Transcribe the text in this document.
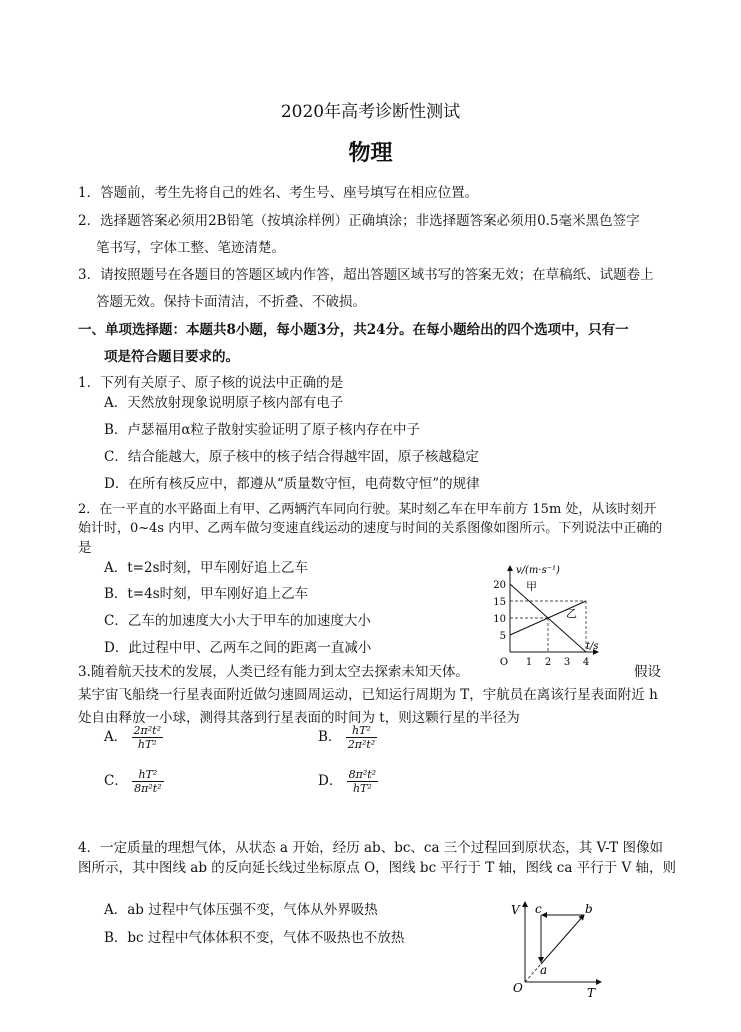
2020年高考诊断性测试
物理
1．答题前，考生先将自己的姓名、考生号、座号填写在相应位置。
2．选择题答案必须用2B铅笔（按填涂样例）正确填涂；非选择题答案必须用0.5毫米黑色签字
笔书写，字体工整、笔迹清楚。
3．请按照题号在各题目的答题区域内作答，超出答题区域书写的答案无效；在草稿纸、试题卷上
答题无效。保持卡面清洁，不折叠、不破损。
一、单项选择题：本题共8小题，每小题3分，共24分。在每小题给出的四个选项中，只有一
项是符合题目要求的。
1．下列有关原子、原子核的说法中正确的是
A．天然放射现象说明原子核内部有电子
B．卢瑟福用α粒子散射实验证明了原子核内存在中子
C．结合能越大，原子核中的核子结合得越牢固，原子核越稳定
D．在所有核反应中，都遵从“质量数守恒，电荷数守恒”的规律
2．在一平直的水平路面上有甲、乙两辆汽车同向行驶。某时刻乙车在甲车前方 15m 处，从该时刻开
始计时，0~4s 内甲、乙两车做匀变速直线运动的速度与时间的关系图像如图所示。下列说法中正确的
是
A．t=2s时刻，甲车刚好追上乙车
B．t=4s时刻，甲车刚好追上乙车
C．乙车的加速度大小大于甲车的加速度大小
D．此过程中甲、乙两车之间的距离一直减小
5
10
15
20
O 1 2 3 4
v/(m·s⁻¹)
t/s
甲
乙
3.随着航天技术的发展，人类已经有能力到太空去探索未知天体。	假设
某宇宙飞船绕一行星表面附近做匀速圆周运动，已知运行周期为 T，宇航员在离该行星表面附近 h
处自由释放一小球，测得其落到行星表面的时间为 t，则这颗行星的半径为
A． $\frac{\text{2π²t²}}{\text{hT²}}$	B． $\frac{\text{hT²}}{\text{2π²t²}}$
C． $\frac{\text{hT²}}{\text{8π²t²}}$	D． $\frac{\text{8π²t²}}{\text{hT²}}$
4．一定质量的理想气体，从状态 a 开始，经历 ab、bc、ca 三个过程回到原状态，其 V-T 图像如
图所示，其中图线 ab 的反向延长线过坐标原点 O，图线 bc 平行于 T 轴，图线 ca 平行于 V 轴，则
A．ab 过程中气体压强不变，气体从外界吸热
B．bc 过程中气体体积不变，气体不吸热也不放热
V
T
O
a
b
c
